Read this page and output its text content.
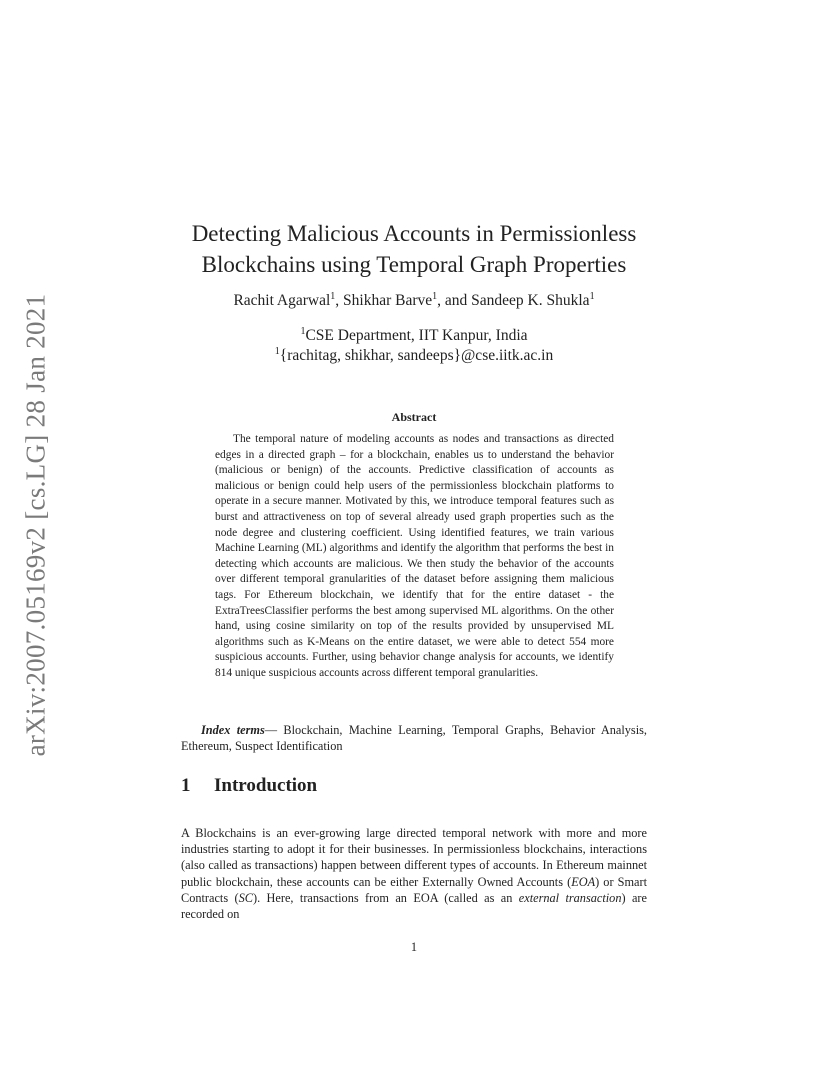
arXiv:2007.05169v2 [cs.LG] 28 Jan 2021
Detecting Malicious Accounts in Permissionless Blockchains using Temporal Graph Properties
Rachit Agarwal$^1$, Shikhar Barve$^1$, and Sandeep K. Shukla$^1$
$^1$CSE Department, IIT Kanpur, India
$^1${rachitag, shikhar, sandeeps}@cse.iitk.ac.in
Abstract

The temporal nature of modeling accounts as nodes and transactions as directed edges in a directed graph – for a blockchain, enables us to understand the behavior (malicious or benign) of the accounts. Predictive classification of accounts as malicious or benign could help users of the permissionless blockchain platforms to operate in a secure manner. Motivated by this, we introduce temporal features such as burst and attractiveness on top of several already used graph properties such as the node degree and clustering coefficient. Using identified features, we train various Machine Learning (ML) algorithms and identify the algorithm that performs the best in detecting which accounts are malicious. We then study the behavior of the accounts over different temporal granularities of the dataset before assigning them malicious tags. For Ethereum blockchain, we identify that for the entire dataset - the ExtraTreesClassifier performs the best among supervised ML algorithms. On the other hand, using cosine similarity on top of the results provided by unsupervised ML algorithms such as K-Means on the entire dataset, we were able to detect 554 more suspicious accounts. Further, using behavior change analysis for accounts, we identify 814 unique suspicious accounts across different temporal granularities.

Index terms— Blockchain, Machine Learning, Temporal Graphs, Behavior Analysis, Ethereum, Suspect Identification

1 Introduction

A Blockchains is an ever-growing large directed temporal network with more and more industries starting to adopt it for their businesses. In permissionless blockchains, interactions (also called as transactions) happen between different types of accounts. In Ethereum mainnet public blockchain, these accounts can be either Externally Owned Accounts (EOA) or Smart Contracts (SC). Here, transactions from an EOA (called as an external transaction) are recorded on

1
